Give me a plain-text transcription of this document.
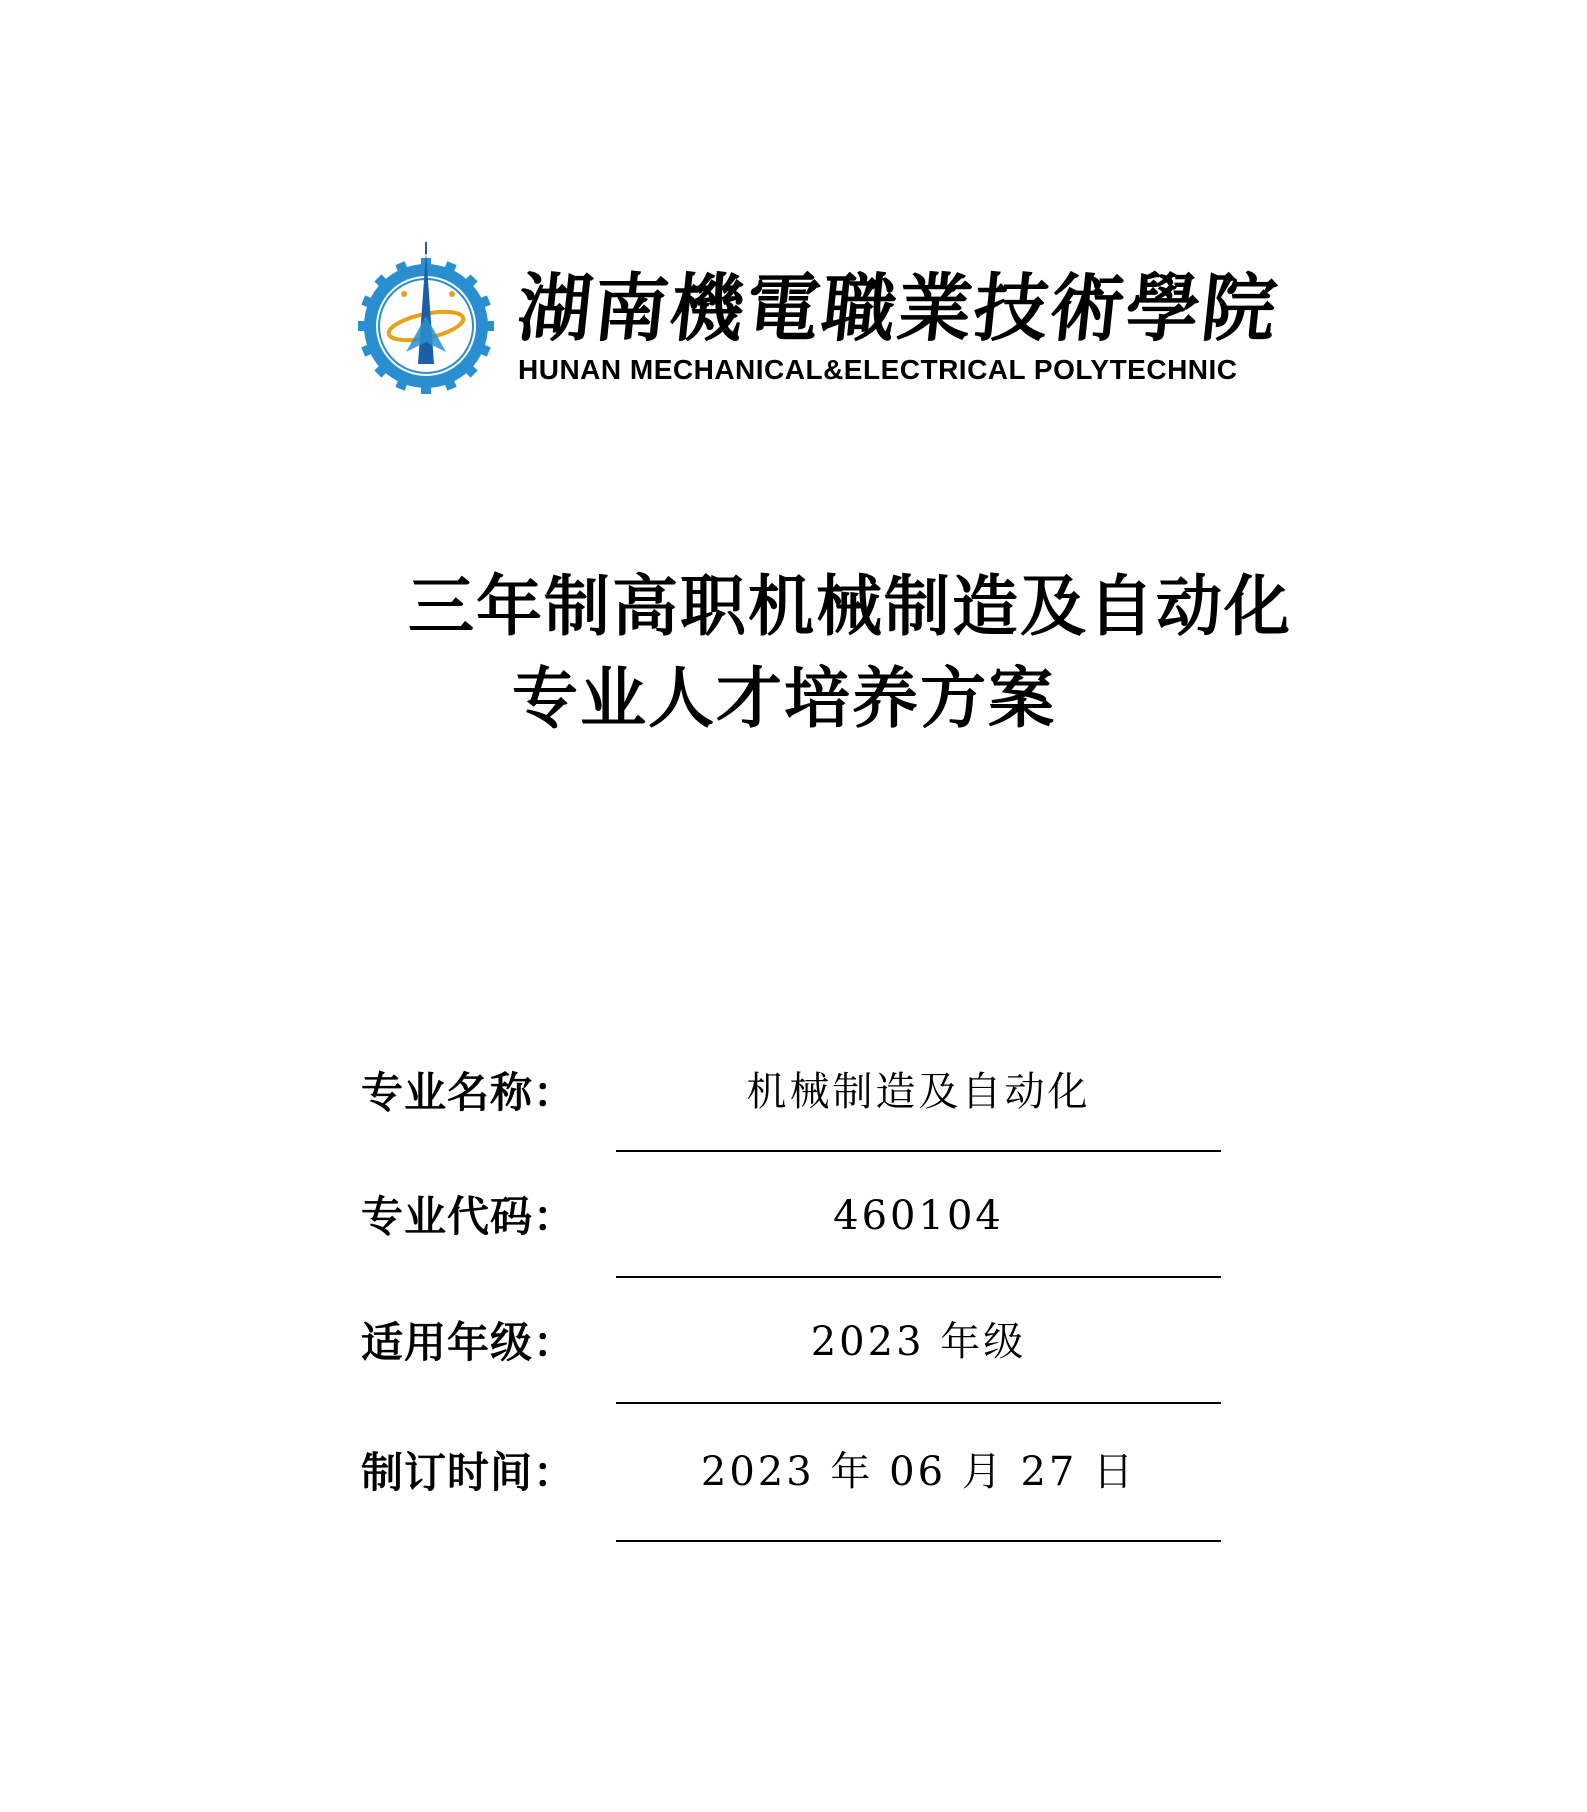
湖南機電職業技術學院
HUNAN MECHANICAL&ELECTRICAL POLYTECHNIC
三年制高职机械制造及自动化
专业人才培养方案
专业名称：	机械制造及自动化
专业代码：	460104
适用年级：	2023 年级
制订时间：	2023 年 06 月 27 日
